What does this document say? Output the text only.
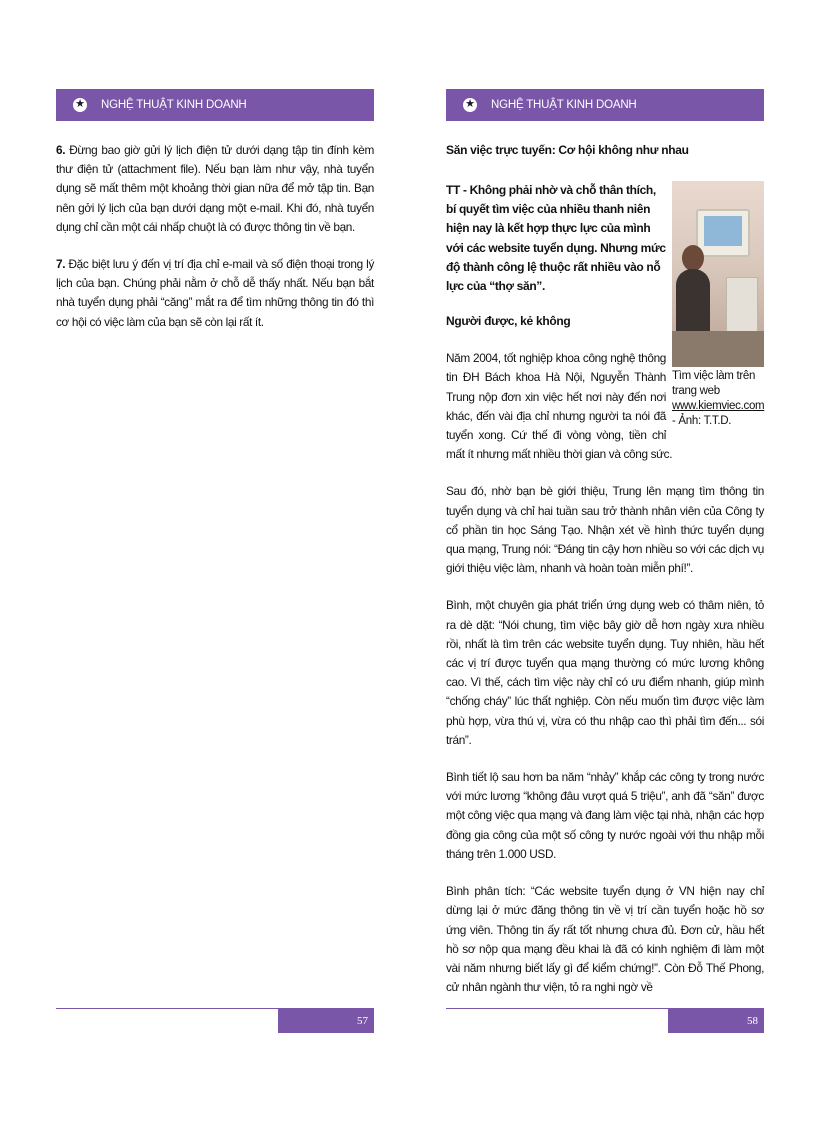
★
NGHỆ THUẬT KINH DOANH

6. Đừng bao giờ gửi lý lịch điện tử dưới dạng tập tin đính kèm thư điện tử (attachment file). Nếu bạn làm như vậy, nhà tuyển dụng sẽ mất thêm một khoảng thời gian nữa để mở tập tin. Bạn nên gởi lý lịch của bạn dưới dạng một e-mail. Khi đó, nhà tuyển dụng chỉ cần một cái nhấp chuột là có được thông tin về bạn.

7. Đặc biệt lưu ý đến vị trí địa chỉ e-mail và số điện thoại trong lý lịch của bạn. Chúng phải nằm ở chỗ dễ thấy nhất. Nếu bạn bắt nhà tuyển dụng phải “căng” mắt ra để tìm những thông tin đó thì cơ hội có việc làm của bạn sẽ còn lại rất ít.

57
★
NGHỆ THUẬT KINH DOANH
Săn việc trực tuyến: Cơ hội không như nhau
Tìm việc làm trên trang web www.kiemviec.com - Ảnh: T.T.D.
TT - Không phải nhờ và chỗ thân thích, bí quyết tìm việc của nhiều thanh niên hiện nay là kết hợp thực lực của mình với các website tuyển dụng. Nhưng mức độ thành công lệ thuộc rất nhiều vào nỗ lực của “thợ săn”.
Người được, kẻ không

Năm 2004, tốt nghiệp khoa công nghệ thông tin ĐH Bách khoa Hà Nội, Nguyễn Thành Trung nộp đơn xin việc hết nơi này đến nơi khác, đến vài địa chỉ nhưng người ta nói đã tuyển xong. Cứ thế đi vòng vòng, tiền chỉ mất ít nhưng mất nhiều thời gian và công sức.

Sau đó, nhờ bạn bè giới thiệu, Trung lên mạng tìm thông tin tuyển dụng và chỉ hai tuần sau trở thành nhân viên của Công ty cổ phần tin học Sáng Tạo. Nhận xét về hình thức tuyển dụng qua mạng, Trung nói: “Đáng tin cậy hơn nhiều so với các dịch vụ giới thiệu việc làm, nhanh và hoàn toàn miễn phí!”.

Bình, một chuyên gia phát triển ứng dụng web có thâm niên, tỏ ra dè dặt: “Nói chung, tìm việc bây giờ dễ hơn ngày xưa nhiều rồi, nhất là tìm trên các website tuyển dụng. Tuy nhiên, hầu hết các vị trí được tuyển qua mạng thường có mức lương không cao. Vì thế, cách tìm việc này chỉ có ưu điểm nhanh, giúp mình “chống cháy” lúc thất nghiệp. Còn nếu muốn tìm được việc làm phù hợp, vừa thú vị, vừa có thu nhập cao thì phải tìm đến... sói trán”.

Bình tiết lộ sau hơn ba năm “nhảy” khắp các công ty trong nước với mức lương “không đâu vượt quá 5 triệu”, anh đã “săn” được một công việc qua mạng và đang làm việc tại nhà, nhận các hợp đồng gia công của một số công ty nước ngoài với thu nhập mỗi tháng trên 1.000 USD.

Bình phân tích: “Các website tuyển dụng ở VN hiện nay chỉ dừng lại ở mức đăng thông tin về vị trí cần tuyển hoặc hồ sơ ứng viên. Thông tin ấy rất tốt nhưng chưa đủ. Đơn cử, hầu hết hồ sơ nộp qua mạng đều khai là đã có kinh nghiệm đi làm một vài năm nhưng biết lấy gì để kiểm chứng!”. Còn Đỗ Thế Phong, cử nhân ngành thư viện, tỏ ra nghi ngờ về

58
